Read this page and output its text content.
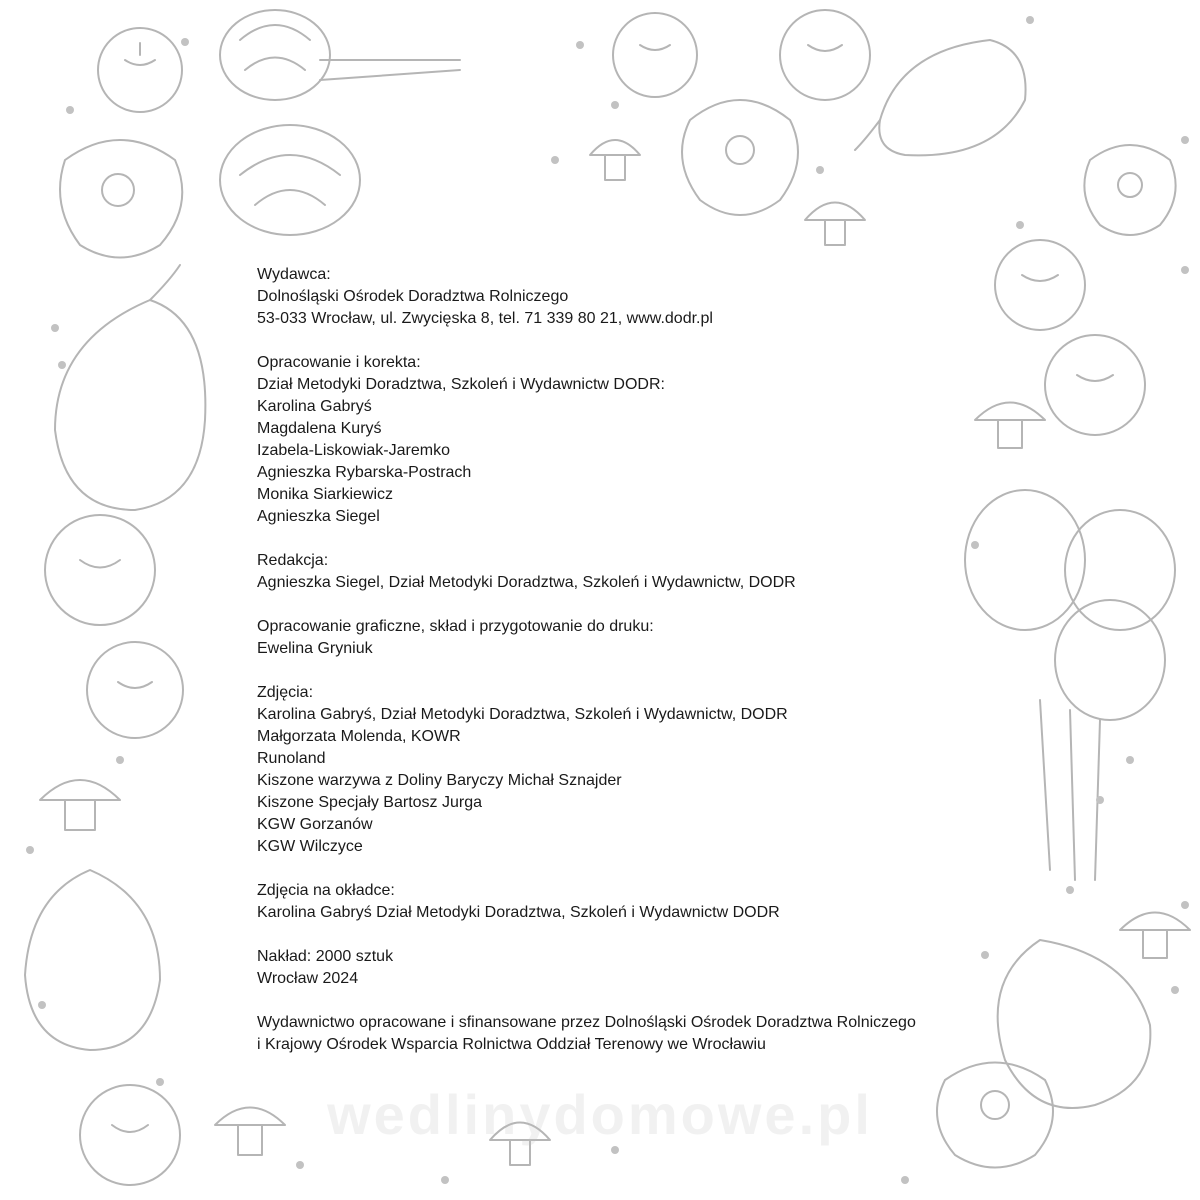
Wydawca:
Dolnośląski Ośrodek Doradztwa Rolniczego
53-033 Wrocław, ul. Zwycięska 8, tel. 71 339 80 21, www.dodr.pl
Opracowanie i korekta:
Dział Metodyki Doradztwa, Szkoleń i Wydawnictw DODR:
Karolina Gabryś
Magdalena Kuryś
Izabela-Liskowiak-Jaremko
Agnieszka Rybarska-Postrach
Monika Siarkiewicz
Agnieszka Siegel
Redakcja:
Agnieszka Siegel, Dział Metodyki Doradztwa, Szkoleń i Wydawnictw, DODR
Opracowanie graficzne, skład i przygotowanie do druku:
Ewelina Gryniuk
Zdjęcia:
Karolina Gabryś, Dział Metodyki Doradztwa, Szkoleń i Wydawnictw, DODR
Małgorzata Molenda, KOWR
Runoland
Kiszone warzywa z Doliny Baryczy Michał Sznajder
Kiszone Specjały Bartosz Jurga
KGW Gorzanów
KGW Wilczyce
Zdjęcia na okładce:
Karolina Gabryś Dział Metodyki Doradztwa, Szkoleń i Wydawnictw DODR
Nakład: 2000 sztuk
Wrocław 2024
Wydawnictwo opracowane i sfinansowane przez Dolnośląski Ośrodek Doradztwa Rolniczego
i Krajowy Ośrodek Wsparcia Rolnictwa Oddział Terenowy we Wrocławiu
wedlinydomowe.pl
